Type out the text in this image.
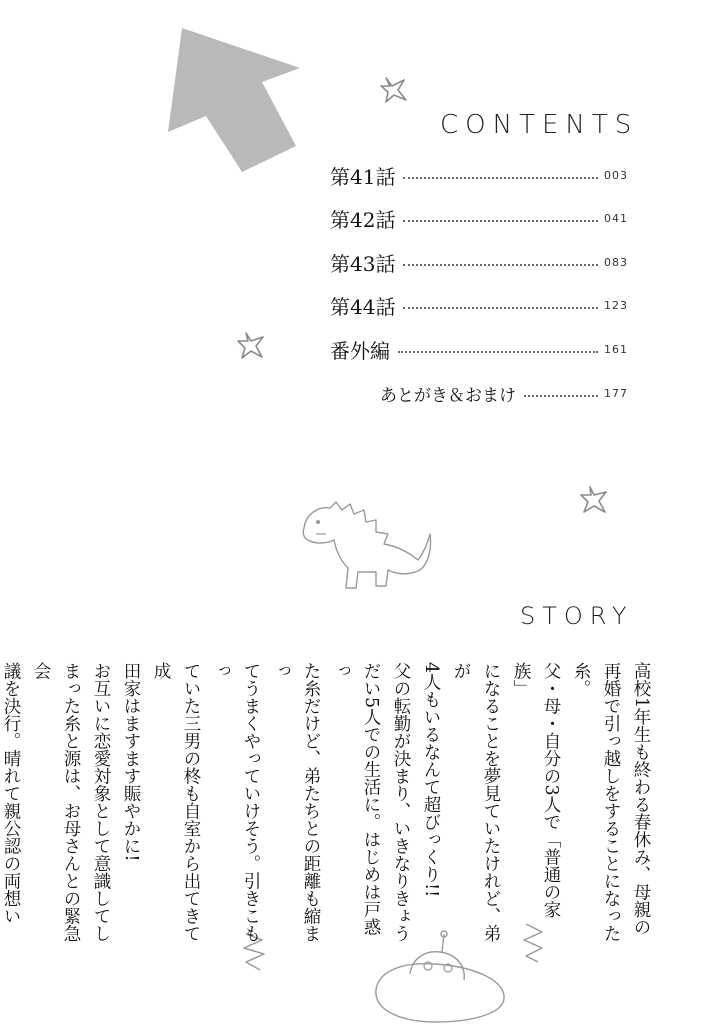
CONTENTS
第41話	003
第42話	041
第43話	083
第44話	123
番外編	161
あとがき＆おまけ	177
STORY
高校1年生も終わる春休み、母親の
再婚で引っ越しをすることになった糸。
父・母・自分の3人で「普通の家族」
になることを夢見ていたけれど、弟が
4人もいるなんて超びっくり!!
父の転勤が決まり、いきなりきょう
だい5人での生活に。はじめは戸惑っ
た糸だけど、弟たちとの距離も縮まっ
てうまくやっていけそう。引きこもっ
ていた三男の柊も自室から出てきて成
田家はますます賑やかに!
お互いに恋愛対象として意識してし
まった糸と源は、お母さんとの緊急会
議を決行。晴れて親公認の両想い
